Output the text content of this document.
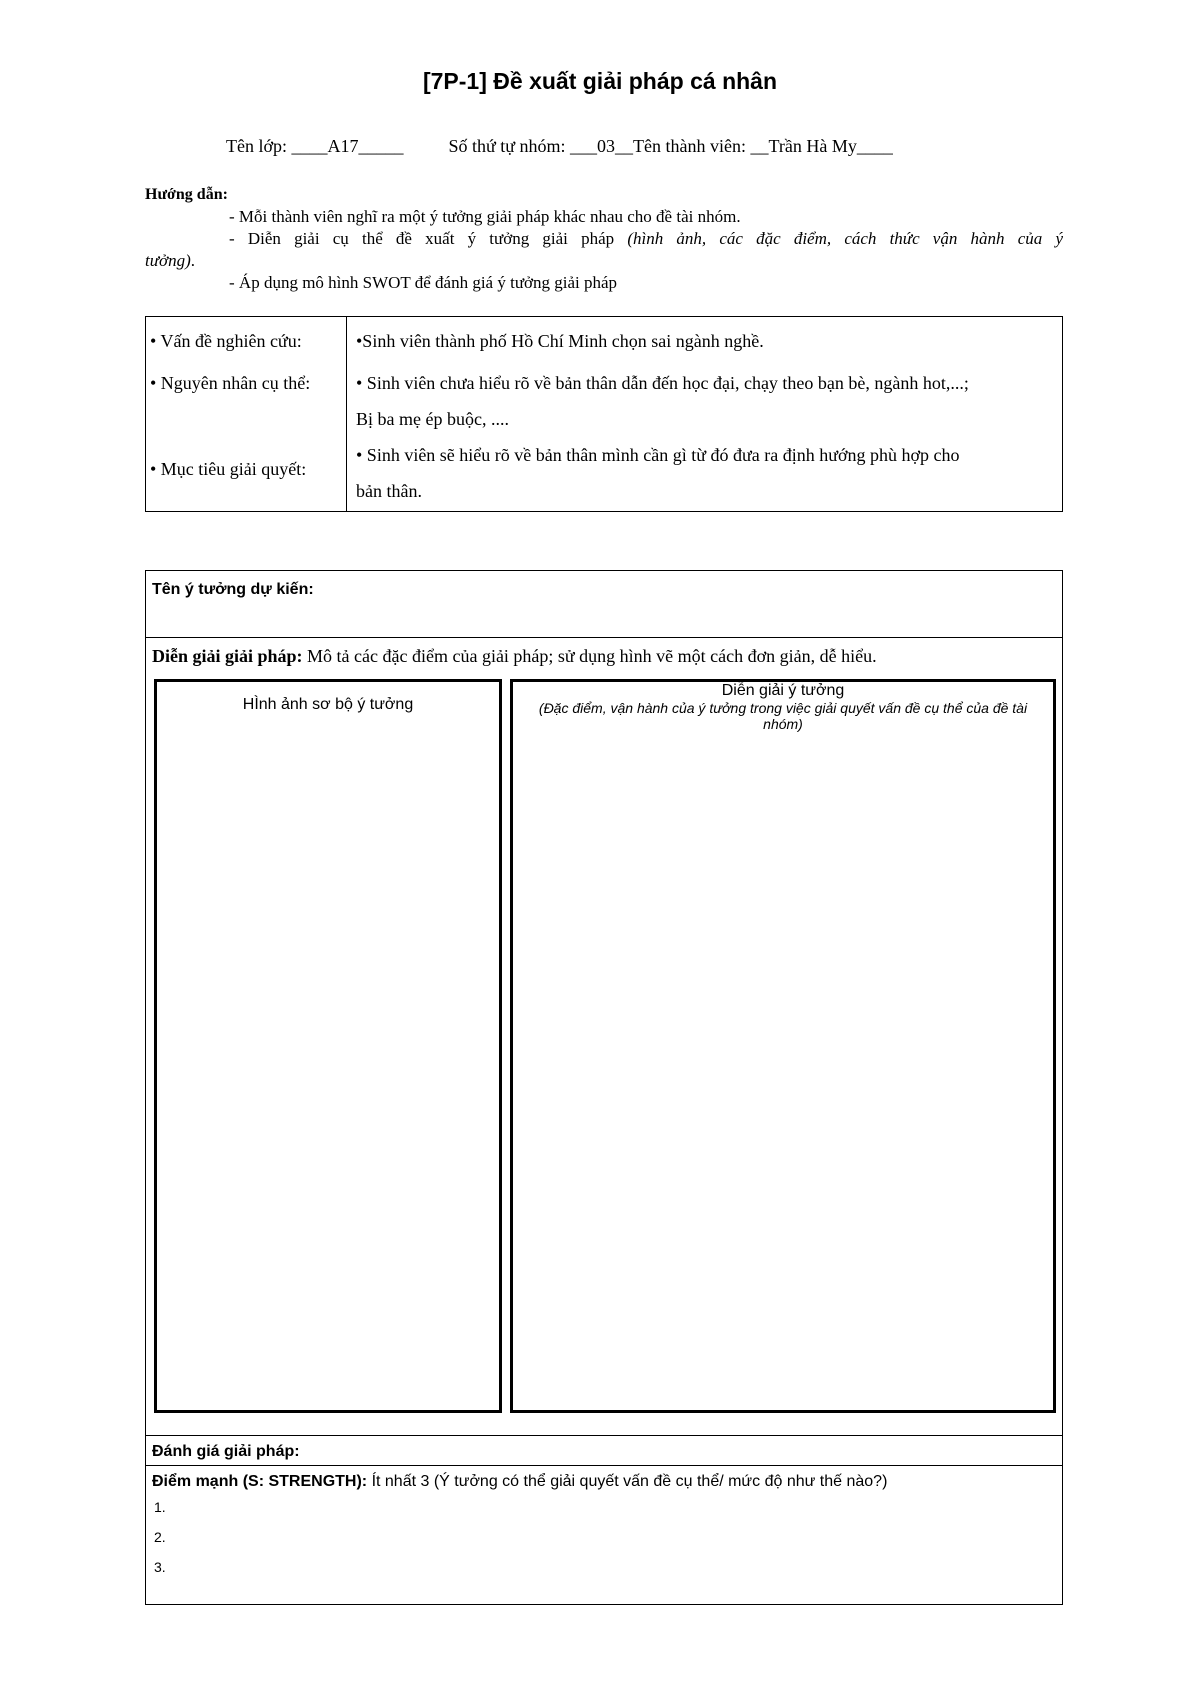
[7P-1] Đề xuất giải pháp cá nhân
Tên lớp: ____A17_____          Số thứ tự nhóm: ___03__Tên thành viên: __Trần Hà My____
Hướng dẫn:
- Mỗi thành viên nghĩ ra một ý tưởng giải pháp khác nhau cho đề tài nhóm.
- Diễn giải cụ thể đề xuất ý tưởng giải pháp (hình ảnh, các đặc điểm, cách thức vận hành của ý
tưởng).
- Áp dụng mô hình SWOT để đánh giá ý tưởng giải pháp
• Vấn đề nghiên cứu:
• Nguyên nhân cụ thể:
• Mục tiêu giải quyết:
•Sinh viên thành phố Hồ Chí Minh chọn sai ngành nghề.
• Sinh viên chưa hiểu rõ về bản thân dẫn đến học đại, chạy theo bạn bè, ngành hot,...;
Bị ba mẹ ép buộc, ....
• Sinh viên sẽ hiểu rõ về bản thân mình cần gì từ đó đưa ra định hướng phù hợp cho
bản thân.
Tên ý tưởng dự kiến:
Diễn giải giải pháp: Mô tả các đặc điểm của giải pháp; sử dụng hình vẽ một cách đơn giản, dễ hiểu.
HÌnh ảnh sơ bộ ý tưởng
Diễn giải ý tưởng
(Đặc điểm, vận hành của ý tưởng trong việc giải quyết vấn đề cụ thể của đề tài nhóm)
Đánh giá giải pháp:
Điểm mạnh (S: STRENGTH): Ít nhất 3 (Ý tưởng có thể giải quyết vấn đề cụ thể/ mức độ như thế nào?)
1.
2.
3.
